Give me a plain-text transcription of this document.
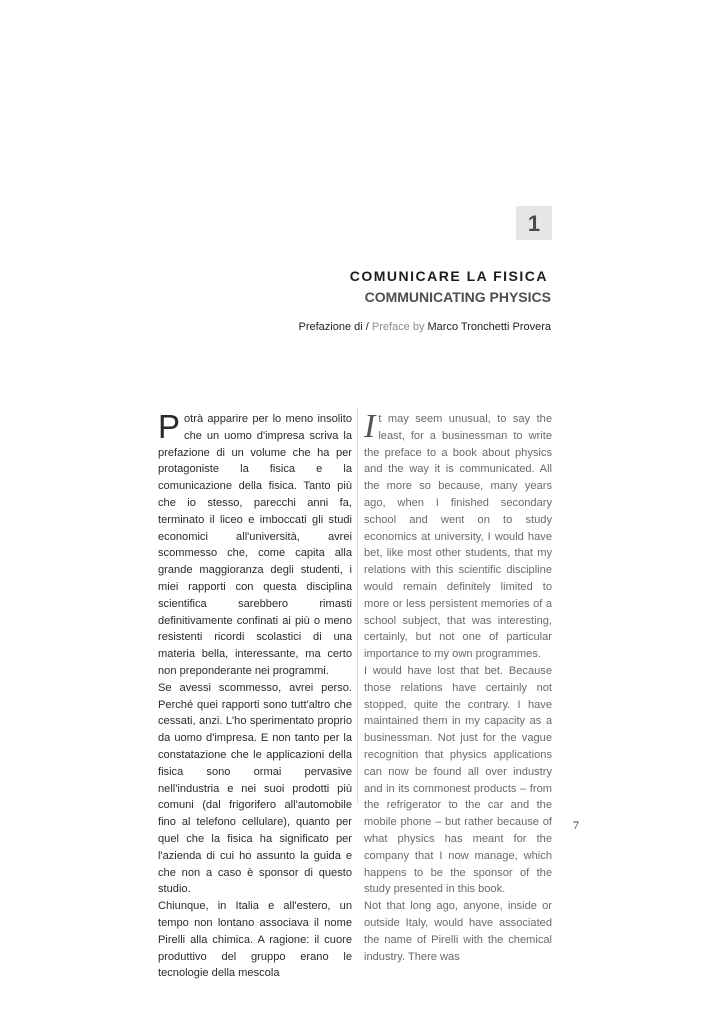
1
COMUNICARE LA FISICA
COMMUNICATING PHYSICS
Prefazione di / Preface by Marco Tronchetti Provera

Potrà apparire per lo meno insolito che un uomo d'impresa scriva la prefazione di un volume che ha per protagoniste la fisica e la comunicazione della fisica. Tanto più che io stesso, parecchi anni fa, terminato il liceo e imboccati gli studi economici all'università, avrei scommesso che, come capita alla grande maggioranza degli studenti, i miei rapporti con questa disciplina scientifica sarebbero rimasti definitivamente confinati ai più o meno resistenti ricordi scolastici di una materia bella, interessante, ma certo non preponderante nei programmi.

Se avessi scommesso, avrei perso. Perché quei rapporti sono tutt'altro che cessati, anzi. L'ho sperimentato proprio da uomo d'impresa. E non tanto per la constatazione che le applicazioni della fisica sono ormai pervasive nell'industria e nei suoi prodotti più comuni (dal frigorifero all'automobile fino al telefono cellulare), quanto per quel che la fisica ha significato per l'azienda di cui ho assunto la guida e che non a caso è sponsor di questo studio.

Chiunque, in Italia e all'estero, un tempo non lontano associava il nome Pirelli alla chimica. A ragione: il cuore produttivo del gruppo erano le tecnologie della mescola

It may seem unusual, to say the least, for a businessman to write the preface to a book about physics and the way it is communicated. All the more so because, many years ago, when I finished secondary school and went on to study economics at university, I would have bet, like most other students, that my relations with this scientific discipline would remain definitely limited to more or less persistent memories of a school subject, that was interesting, certainly, but not one of particular importance to my own programmes.

I would have lost that bet. Because those relations have certainly not stopped, quite the contrary. I have maintained them in my capacity as a businessman. Not just for the vague recognition that physics applications can now be found all over industry and in its commonest products – from the refrigerator to the car and the mobile phone – but rather because of what physics has meant for the company that I now manage, which happens to be the sponsor of the study presented in this book.

Not that long ago, anyone, inside or outside Italy, would have associated the name of Pirelli with the chemical industry. There was

7
